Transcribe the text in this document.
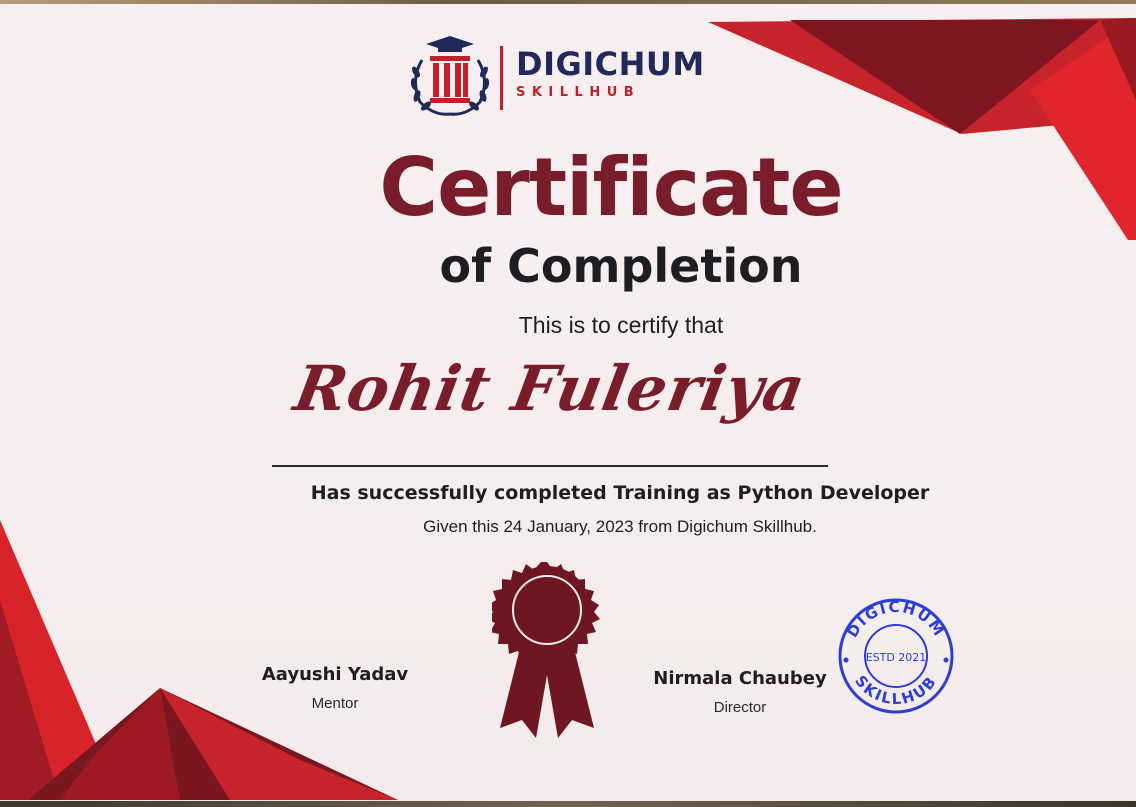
DIGICHUM
SKILLHUB
Certificate
of Completion
This is to certify that
Rohit Fuleriya
Has successfully completed Training as Python Developer
Given this 24 January, 2023 from Digichum Skillhub.
Aayushi Yadav
Mentor
Nirmala Chaubey
Director
DIGICHUM
SKILLHUB
ESTD 2021
